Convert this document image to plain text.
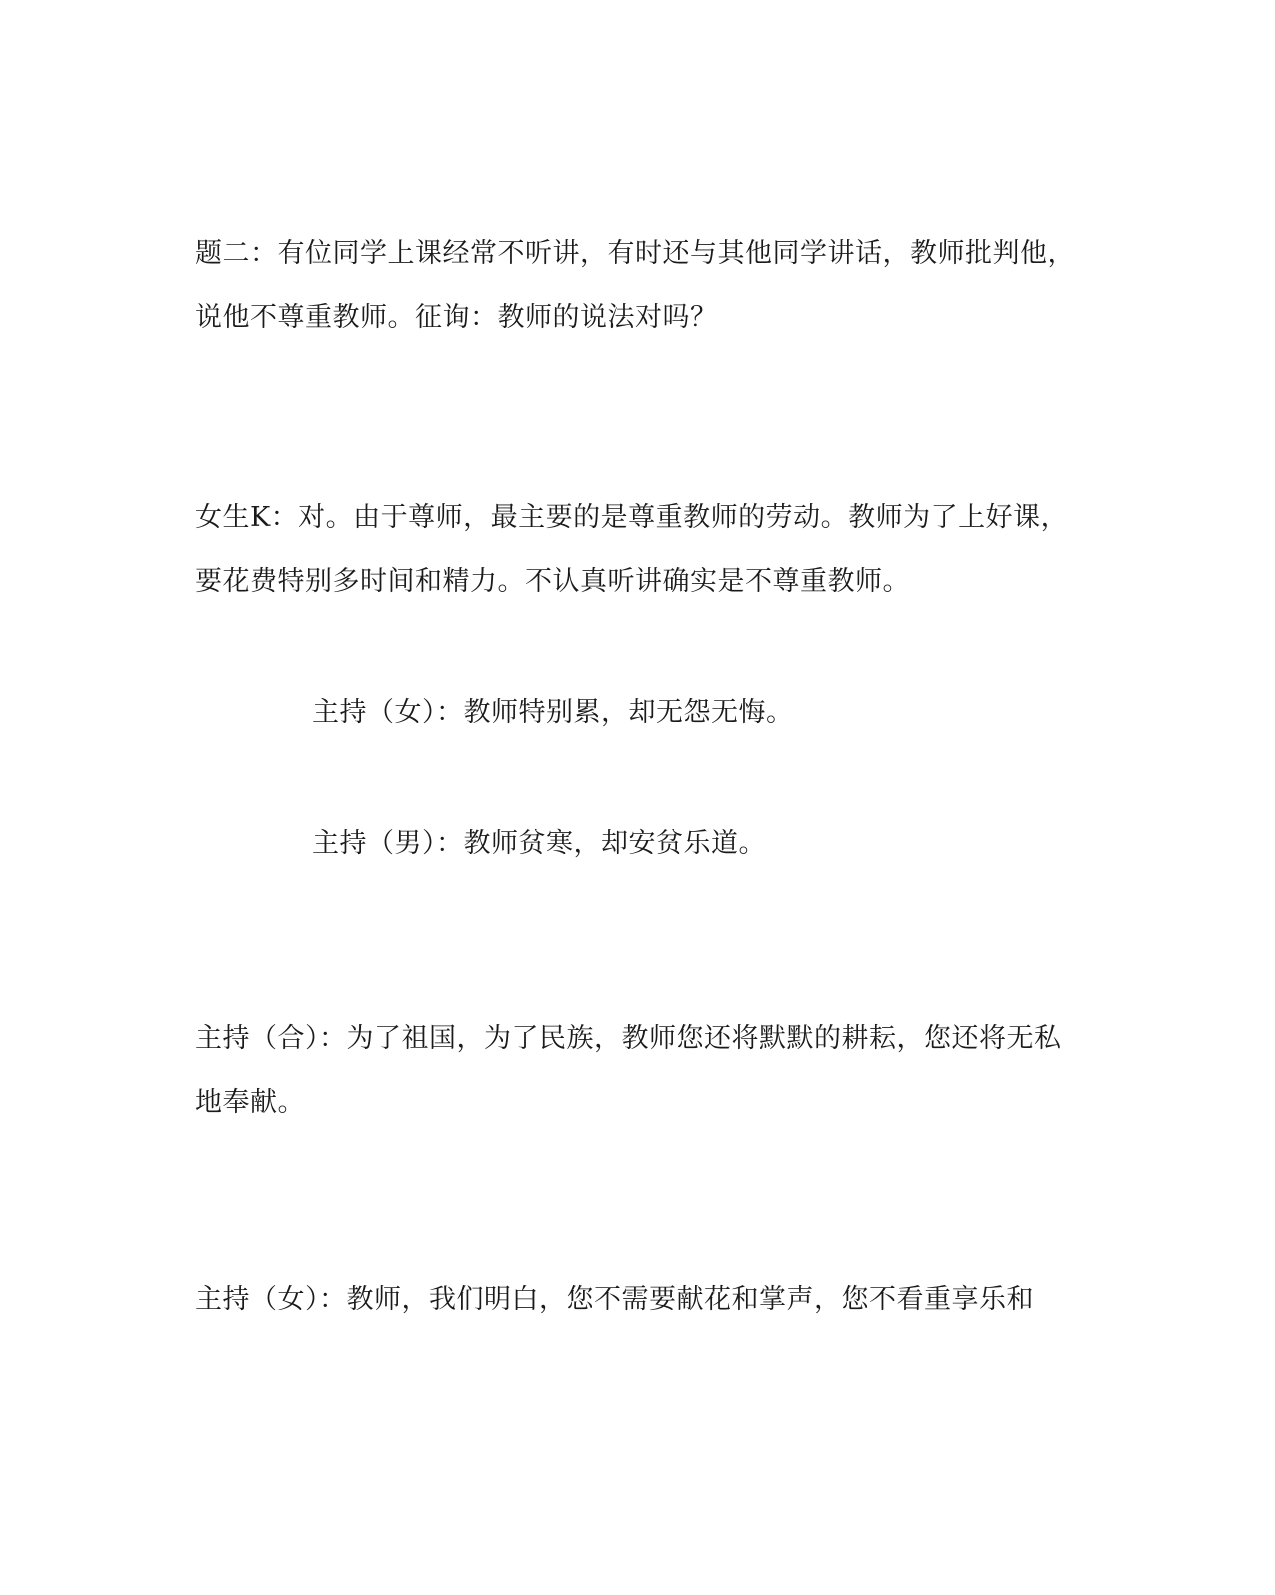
题二：有位同学上课经常不听讲，有时还与其他同学讲话，教师批判他，说他不尊重教师。征询：教师的说法对吗？

女生K：对。由于尊师，最主要的是尊重教师的劳动。教师为了上好课，要花费特别多时间和精力。不认真听讲确实是不尊重教师。

主持（女）：教师特别累，却无怨无悔。

主持（男）：教师贫寒，却安贫乐道。

主持（合）：为了祖国，为了民族，教师您还将默默的耕耘，您还将无私地奉献。

主持（女）：教师，我们明白，您不需要献花和掌声，您不看重享乐和
